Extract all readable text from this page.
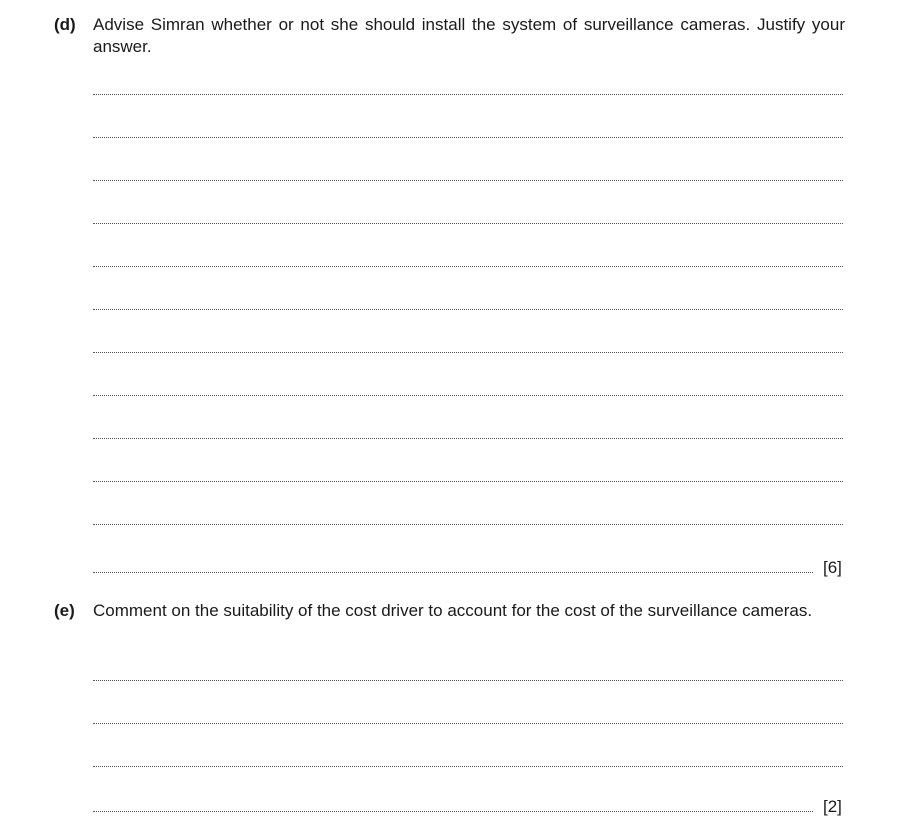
(d) Advise Simran whether or not she should install the system of surveillance cameras. Justify your answer.
[6]
(e) Comment on the suitability of the cost driver to account for the cost of the surveillance cameras.
[2]
